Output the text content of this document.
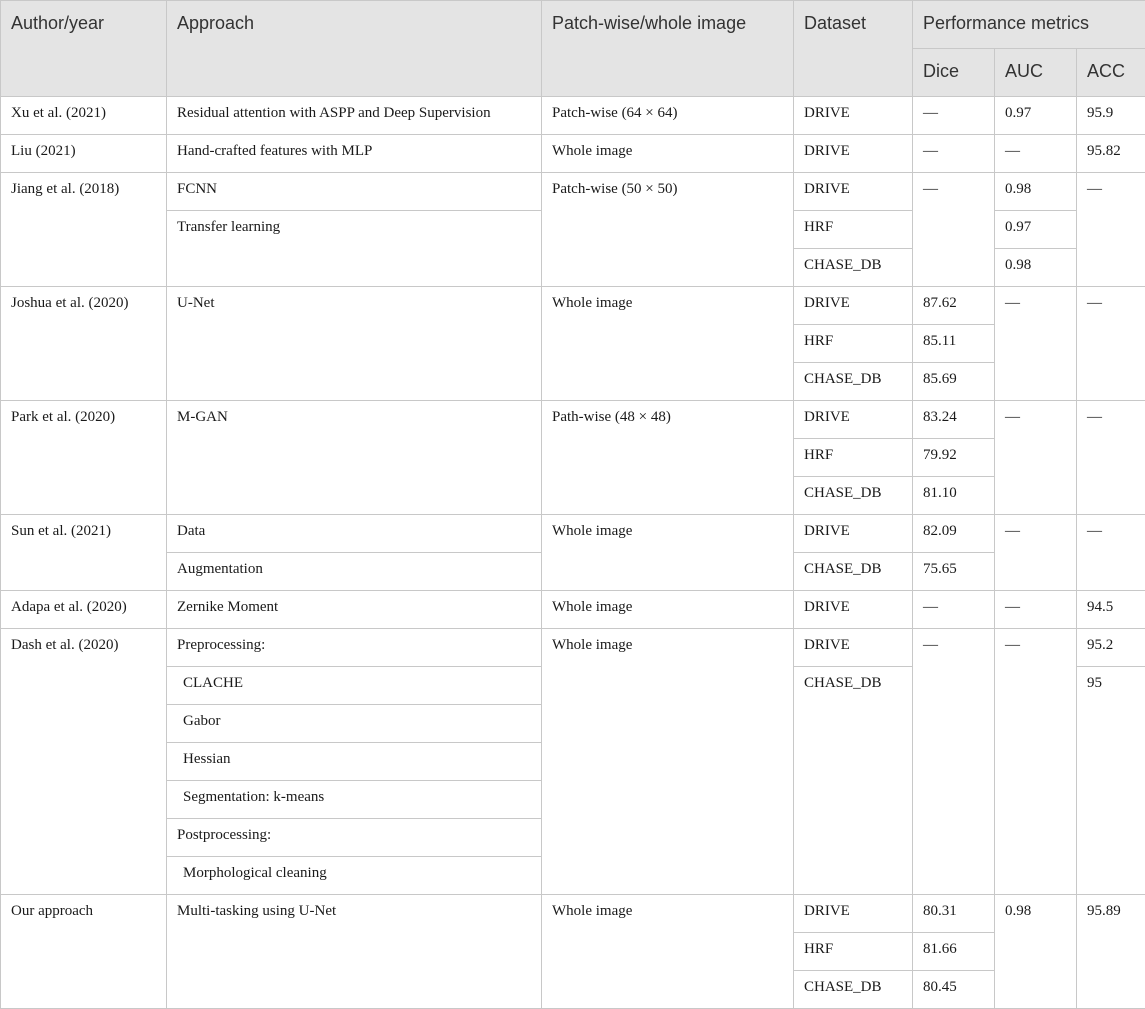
Author/year	Approach	Patch-wise/whole image	Dataset	Performance metrics		
				Dice	AUC	ACC
Xu et al. (2021)	Residual attention with ASPP and Deep Supervision	Patch-wise (64 × 64)	DRIVE	—	0.97	95.9
Liu (2021)	Hand-crafted features with MLP	Whole image	DRIVE	—	—	95.82
Jiang et al. (2018)	FCNN	Patch-wise (50 × 50)	DRIVE	—	0.98	—
	Transfer learning		HRF		0.97	
			CHASE_DB		0.98	
Joshua et al. (2020)	U-Net	Whole image	DRIVE	87.62	—	—
			HRF	85.11		
			CHASE_DB	85.69		
Park et al. (2020)	M-GAN	Path-wise (48 × 48)	DRIVE	83.24	—	—
			HRF	79.92		
			CHASE_DB	81.10		
Sun et al. (2021)	Data	Whole image	DRIVE	82.09	—	—
	Augmentation		CHASE_DB	75.65		
Adapa et al. (2020)	Zernike Moment	Whole image	DRIVE	—	—	94.5
Dash et al. (2020)	Preprocessing:	Whole image	DRIVE	—	—	95.2
	CLACHE		CHASE_DB			95
	Gabor					
	Hessian					
	Segmentation: k-means					
	Postprocessing:					
	Morphological cleaning					
Our approach	Multi-tasking using U-Net	Whole image	DRIVE	80.31	0.98	95.89
			HRF	81.66		
			CHASE_DB	80.45		
